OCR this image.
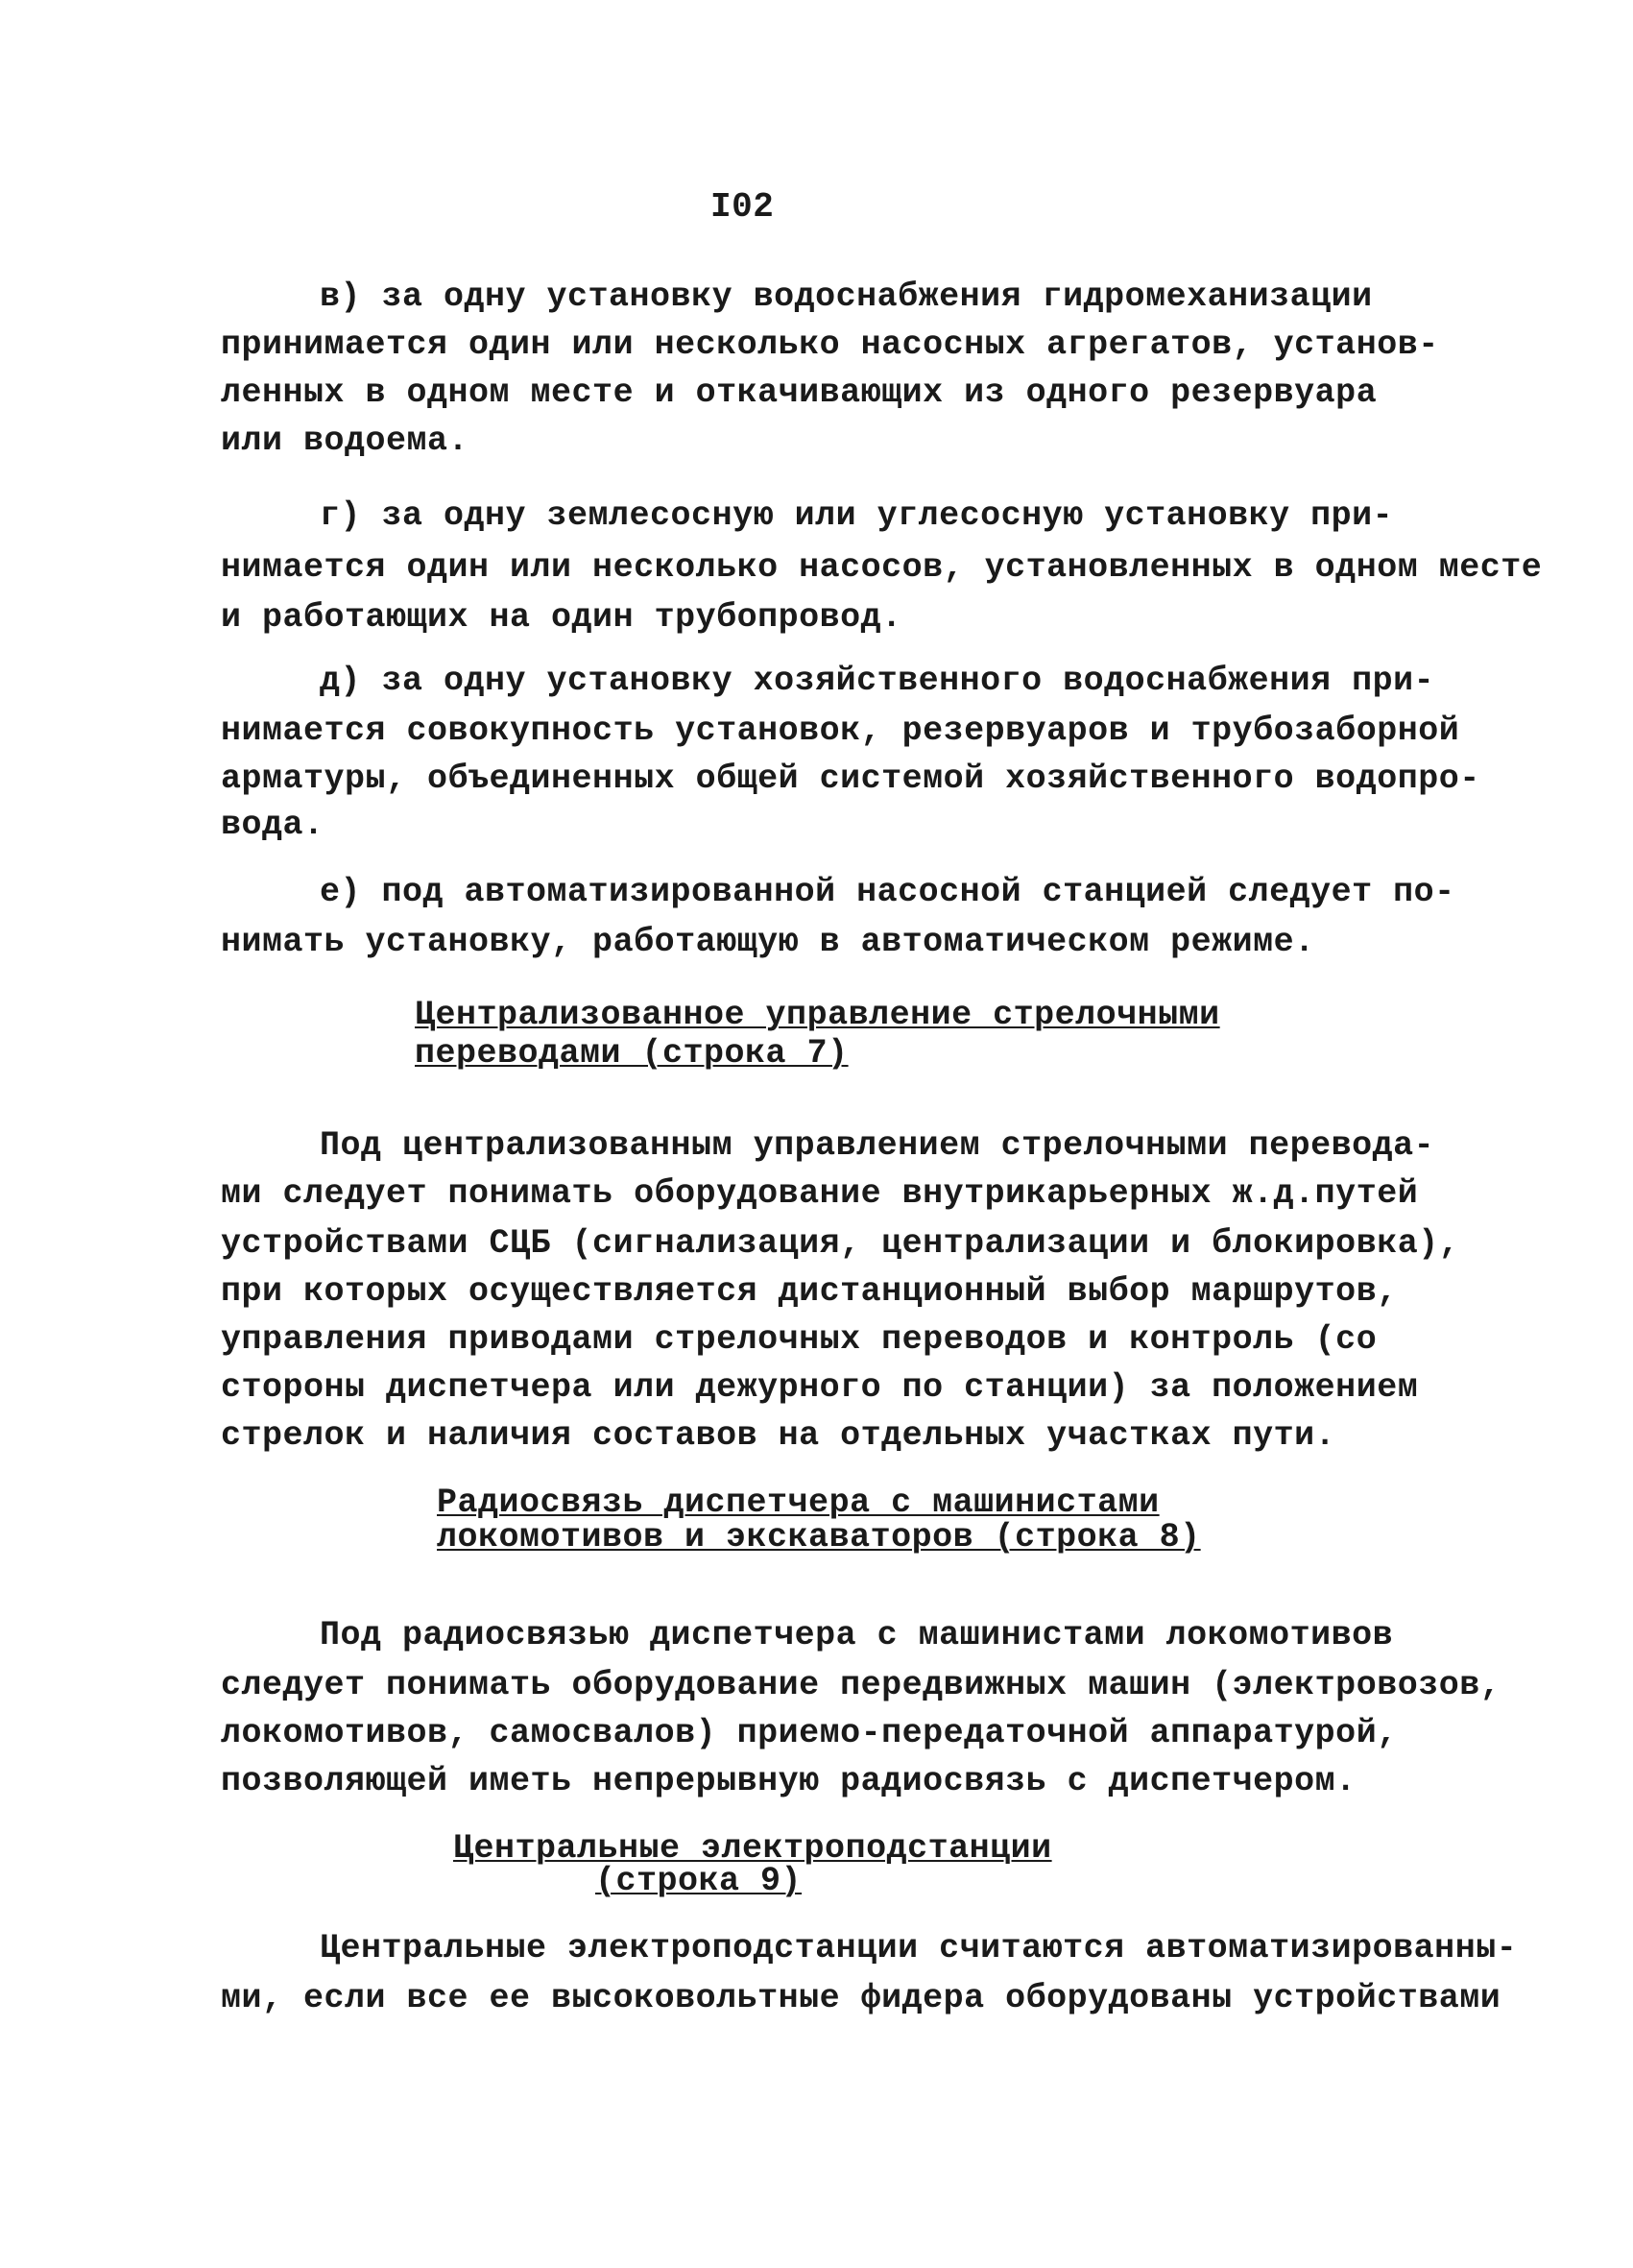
I02
в) за одну установку водоснабжения гидромеханизации
принимается один или несколько насосных агрегатов, установ-
ленных в одном месте и откачивающих из одного резервуара
или водоема.
г) за одну землесосную или углесосную установку при-
нимается один или несколько насосов, установленных в одном месте
и работающих на один трубопровод.
д) за одну установку хозяйственного водоснабжения при-
нимается совокупность установок, резервуаров и трубозаборной
арматуры, объединенных общей системой хозяйственного водопро-
вода.
е) под автоматизированной насосной станцией следует по-
нимать установку, работающую в автоматическом режиме.
Централизованное управление стрелочными
переводами (строка 7)
Под централизованным управлением стрелочными перевода-
ми следует понимать оборудование внутрикарьерных ж.д.путей
устройствами СЦБ (сигнализация, централизации и блокировка),
при которых осуществляется дистанционный выбор маршрутов,
управления приводами стрелочных переводов и контроль (со
стороны диспетчера или дежурного по станции) за положением
стрелок и наличия составов на отдельных участках пути.
Радиосвязь диспетчера с машинистами
локомотивов и экскаваторов (строка 8)
Под радиосвязью диспетчера с машинистами локомотивов
следует понимать оборудование передвижных машин (электровозов,
локомотивов, самосвалов) приемо-передаточной аппаратурой,
позволяющей иметь непрерывную радиосвязь с диспетчером.
Центральные электроподстанции
(строка 9)
Центральные электроподстанции считаются автоматизированны-
ми, если все ее высоковольтные фидера оборудованы устройствами
